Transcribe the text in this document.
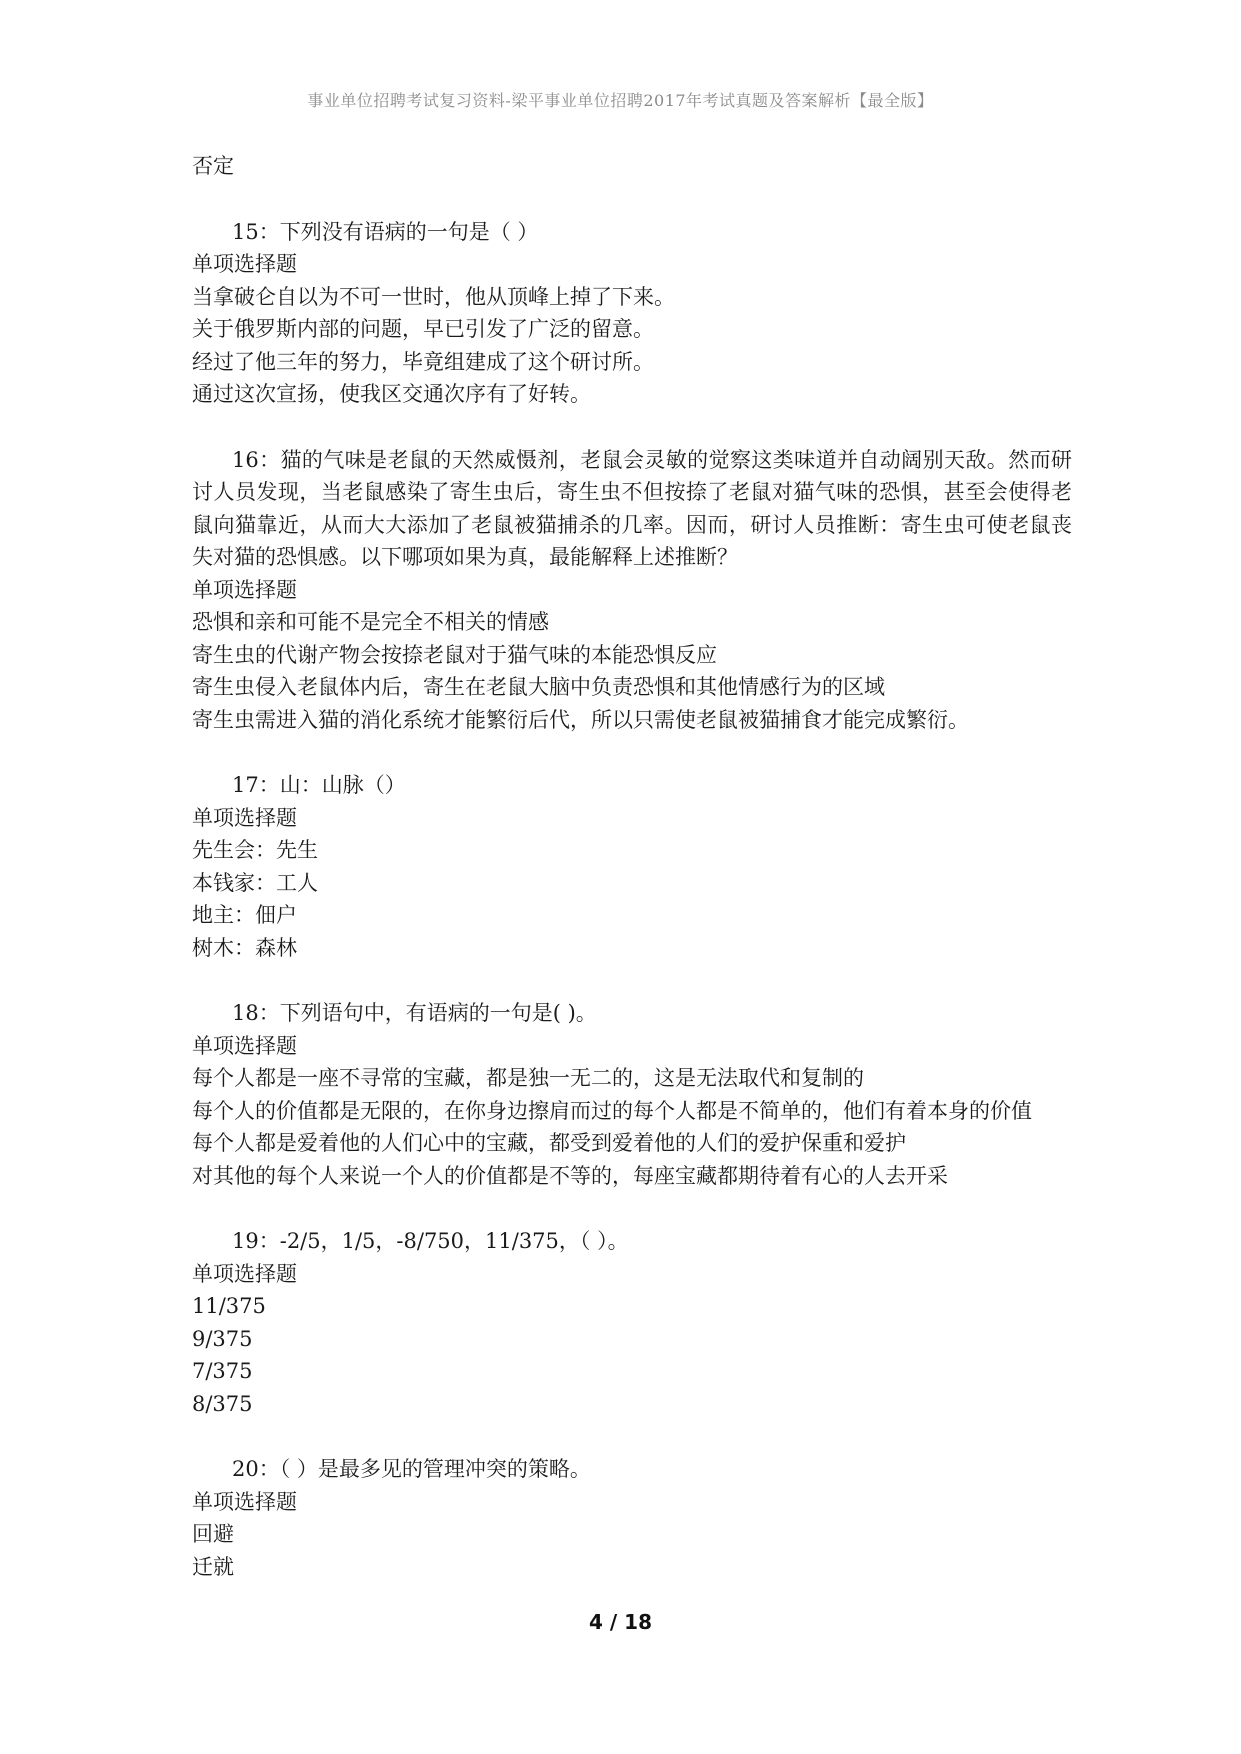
事业单位招聘考试复习资料-梁平事业单位招聘2017年考试真题及答案解析【最全版】
否定
15：下列没有语病的一句是（ ）
单项选择题
当拿破仑自以为不可一世时，他从顶峰上掉了下来。
关于俄罗斯内部的问题，早已引发了广泛的留意。
经过了他三年的努力，毕竟组建成了这个研讨所。
通过这次宣扬，使我区交通次序有了好转。
16：猫的气味是老鼠的天然威慑剂，老鼠会灵敏的觉察这类味道并自动阔别天敌。然而研讨人员发现，当老鼠感染了寄生虫后，寄生虫不但按捺了老鼠对猫气味的恐惧，甚至会使得老鼠向猫靠近，从而大大添加了老鼠被猫捕杀的几率。因而，研讨人员推断：寄生虫可使老鼠丧失对猫的恐惧感。以下哪项如果为真，最能解释上述推断？
单项选择题
恐惧和亲和可能不是完全不相关的情感
寄生虫的代谢产物会按捺老鼠对于猫气味的本能恐惧反应
寄生虫侵入老鼠体内后，寄生在老鼠大脑中负责恐惧和其他情感行为的区域
寄生虫需进入猫的消化系统才能繁衍后代，所以只需使老鼠被猫捕食才能完成繁衍。
17：山：山脉（）
单项选择题
先生会：先生
本钱家：工人
地主：佃户
树木：森林
18：下列语句中，有语病的一句是( )。
单项选择题
每个人都是一座不寻常的宝藏，都是独一无二的，这是无法取代和复制的
每个人的价值都是无限的，在你身边擦肩而过的每个人都是不简单的，他们有着本身的价值
每个人都是爱着他的人们心中的宝藏，都受到爱着他的人们的爱护保重和爱护
对其他的每个人来说一个人的价值都是不等的，每座宝藏都期待着有心的人去开采
19：-2/5，1/5，-8/750，11/375，（ ）。
单项选择题
11/375
9/375
7/375
8/375
20：（ ）是最多见的管理冲突的策略。
单项选择题
回避
迁就
4 / 18
